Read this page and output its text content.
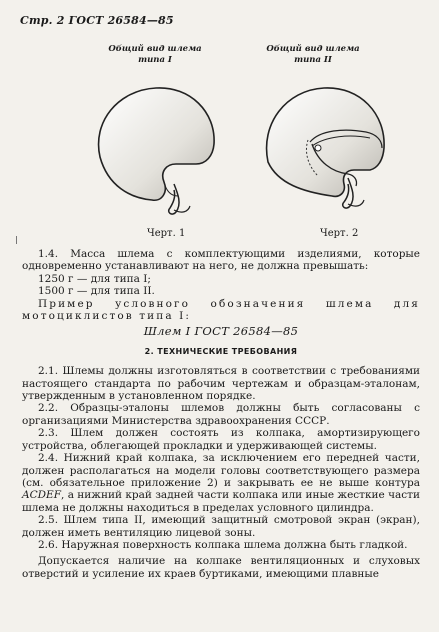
Стр. 2 ГОСТ 26584—85
Общий вид шлема
типа I
Общий вид шлема
типа II
Черт. 1	Черт. 2

1.4. Масса шлема с комплектующими изделиями, которые одновременно устанавливают на него, не должна превышать:

1250 г — для типа I;

1500 г — для типа II.

Пример условного обозначения шлема для мотоциклистов типа I:

Шлем I ГОСТ 26584—85

2. ТЕХНИЧЕСКИЕ ТРЕБОВАНИЯ

2.1. Шлемы должны изготовляться в соответствии с требованиями настоящего стандарта по рабочим чертежам и образцам-эталонам, утвержденным в установленном порядке.

2.2. Образцы-эталоны шлемов должны быть согласованы с организациями Министерства здравоохранения СССР.

2.3. Шлем должен состоять из колпака, амортизирующего устройства, облегающей прокладки и удерживающей системы.

2.4. Нижний край колпака, за исключением его передней части, должен располагаться на модели головы соответствующего размера (см. обязательное приложение 2) и закрывать ее не выше контура ACDEF, а нижний край задней части колпака или иные жесткие части шлема не должны находиться в пределах условного цилиндра.

2.5. Шлем типа II, имеющий защитный смотровой экран (экран), должен иметь вентиляцию лицевой зоны.

2.6. Наружная поверхность колпака шлема должна быть гладкой.

Допускается наличие на колпаке вентиляционных и слуховых отверстий и усиление их краев буртиками, имеющими плавные
